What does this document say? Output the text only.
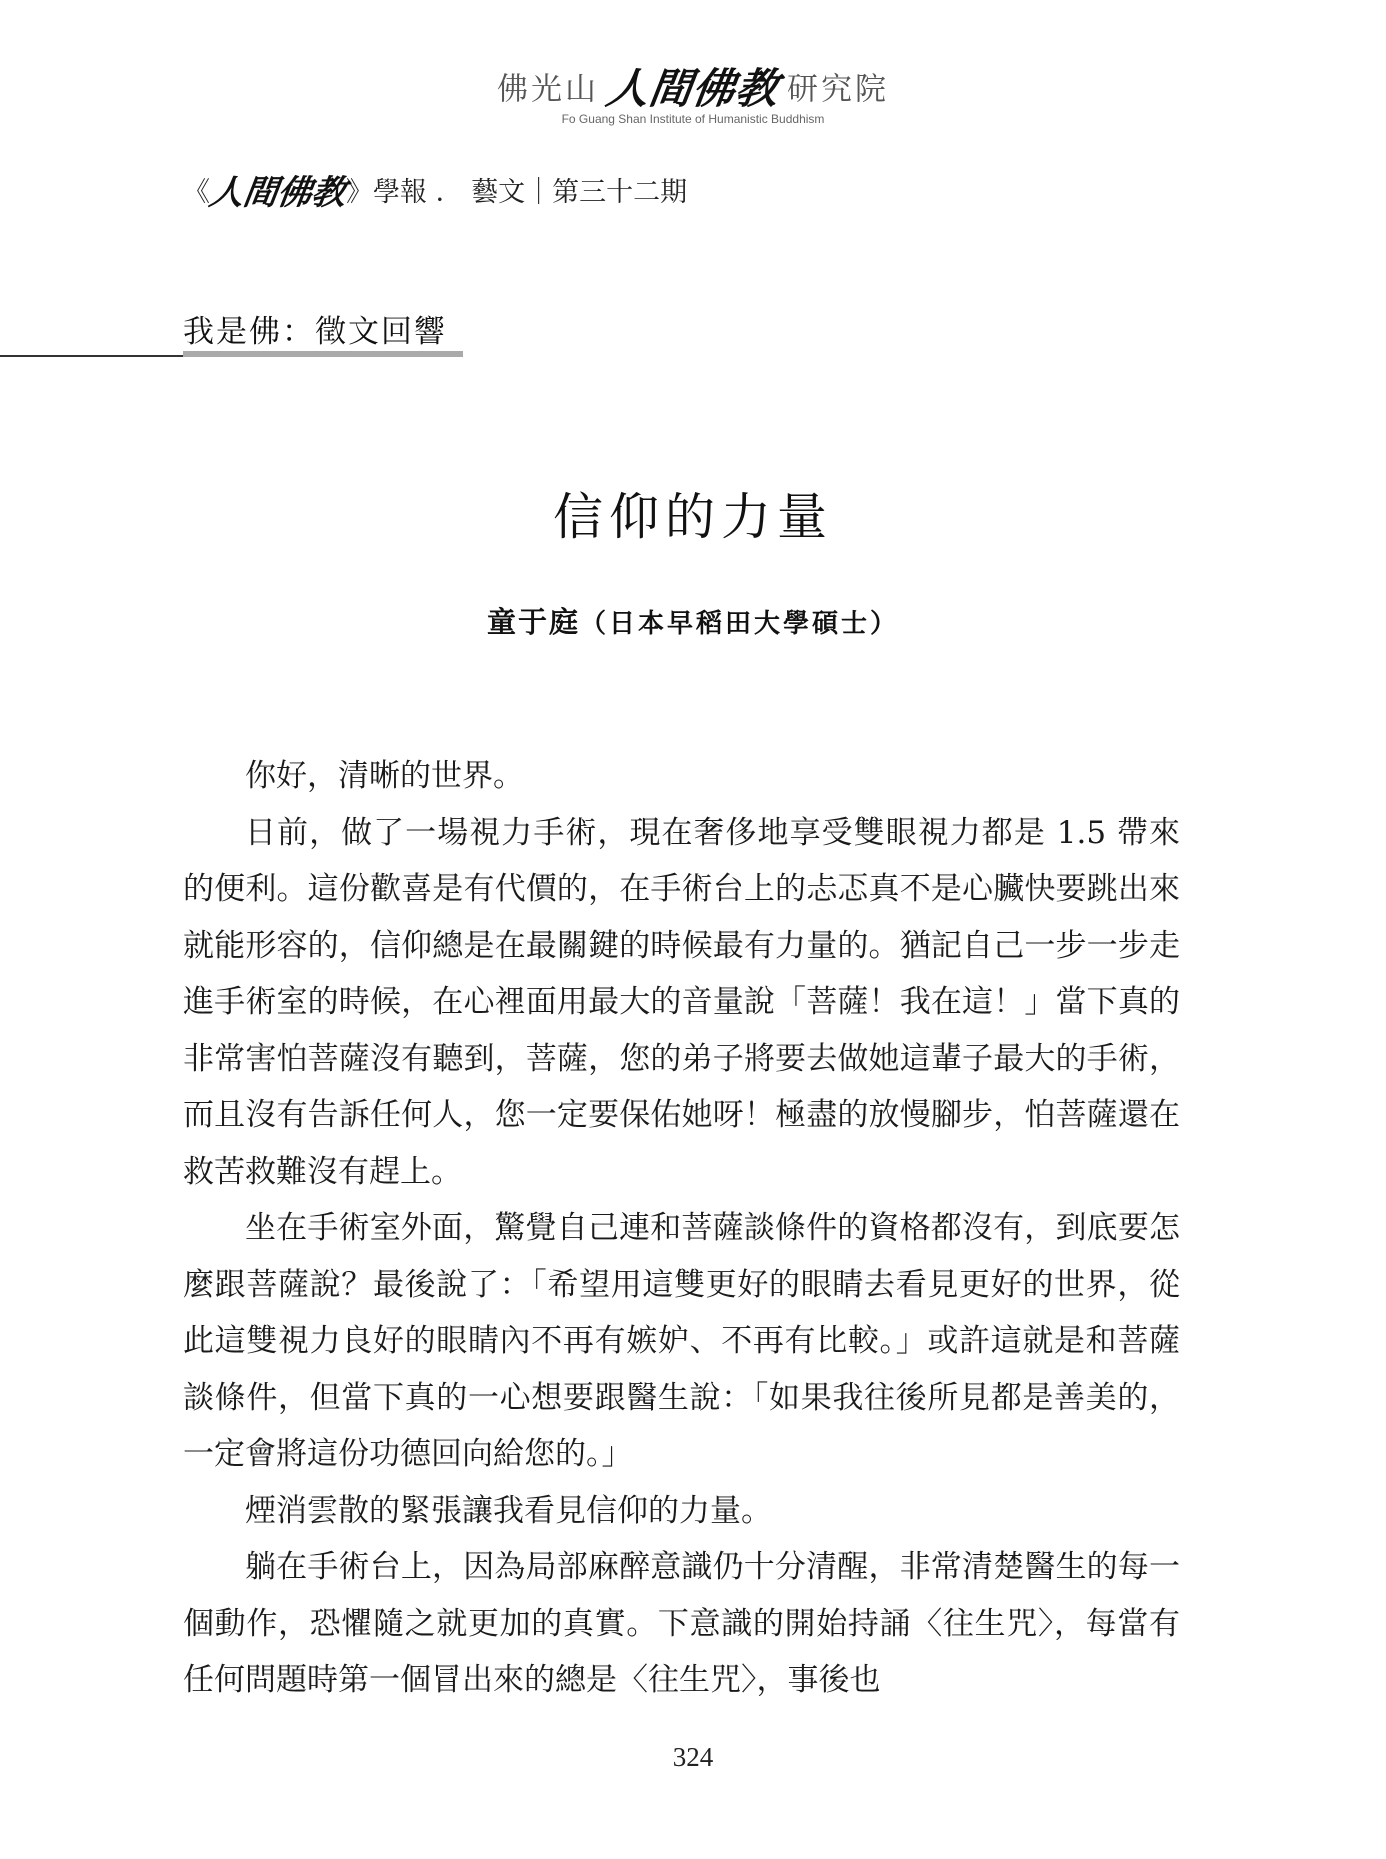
佛光山 人間佛教 研究院
Fo Guang Shan Institute of Humanistic Buddhism
《人間佛教》學報 ． 藝文｜第三十二期
我是佛：徵文回響
信仰的力量
童于庭（日本早稻田大學碩士）

你好，清晰的世界。

日前，做了一場視力手術，現在奢侈地享受雙眼視力都是 1.5 帶來的便利。這份歡喜是有代價的，在手術台上的忐忑真不是心臟快要跳出來就能形容的，信仰總是在最關鍵的時候最有力量的。猶記自己一步一步走進手術室的時候，在心裡面用最大的音量說「菩薩！我在這！」當下真的非常害怕菩薩沒有聽到，菩薩，您的弟子將要去做她這輩子最大的手術，而且沒有告訴任何人，您一定要保佑她呀！極盡的放慢腳步，怕菩薩還在救苦救難沒有趕上。

坐在手術室外面，驚覺自己連和菩薩談條件的資格都沒有，到底要怎麼跟菩薩說？最後說了：「希望用這雙更好的眼睛去看見更好的世界，從此這雙視力良好的眼睛內不再有嫉妒、不再有比較。」或許這就是和菩薩談條件，但當下真的一心想要跟醫生說：「如果我往後所見都是善美的，一定會將這份功德回向給您的。」

煙消雲散的緊張讓我看見信仰的力量。

躺在手術台上，因為局部麻醉意識仍十分清醒，非常清楚醫生的每一個動作，恐懼隨之就更加的真實。下意識的開始持誦〈往生咒〉，每當有任何問題時第一個冒出來的總是〈往生咒〉，事後也

324
